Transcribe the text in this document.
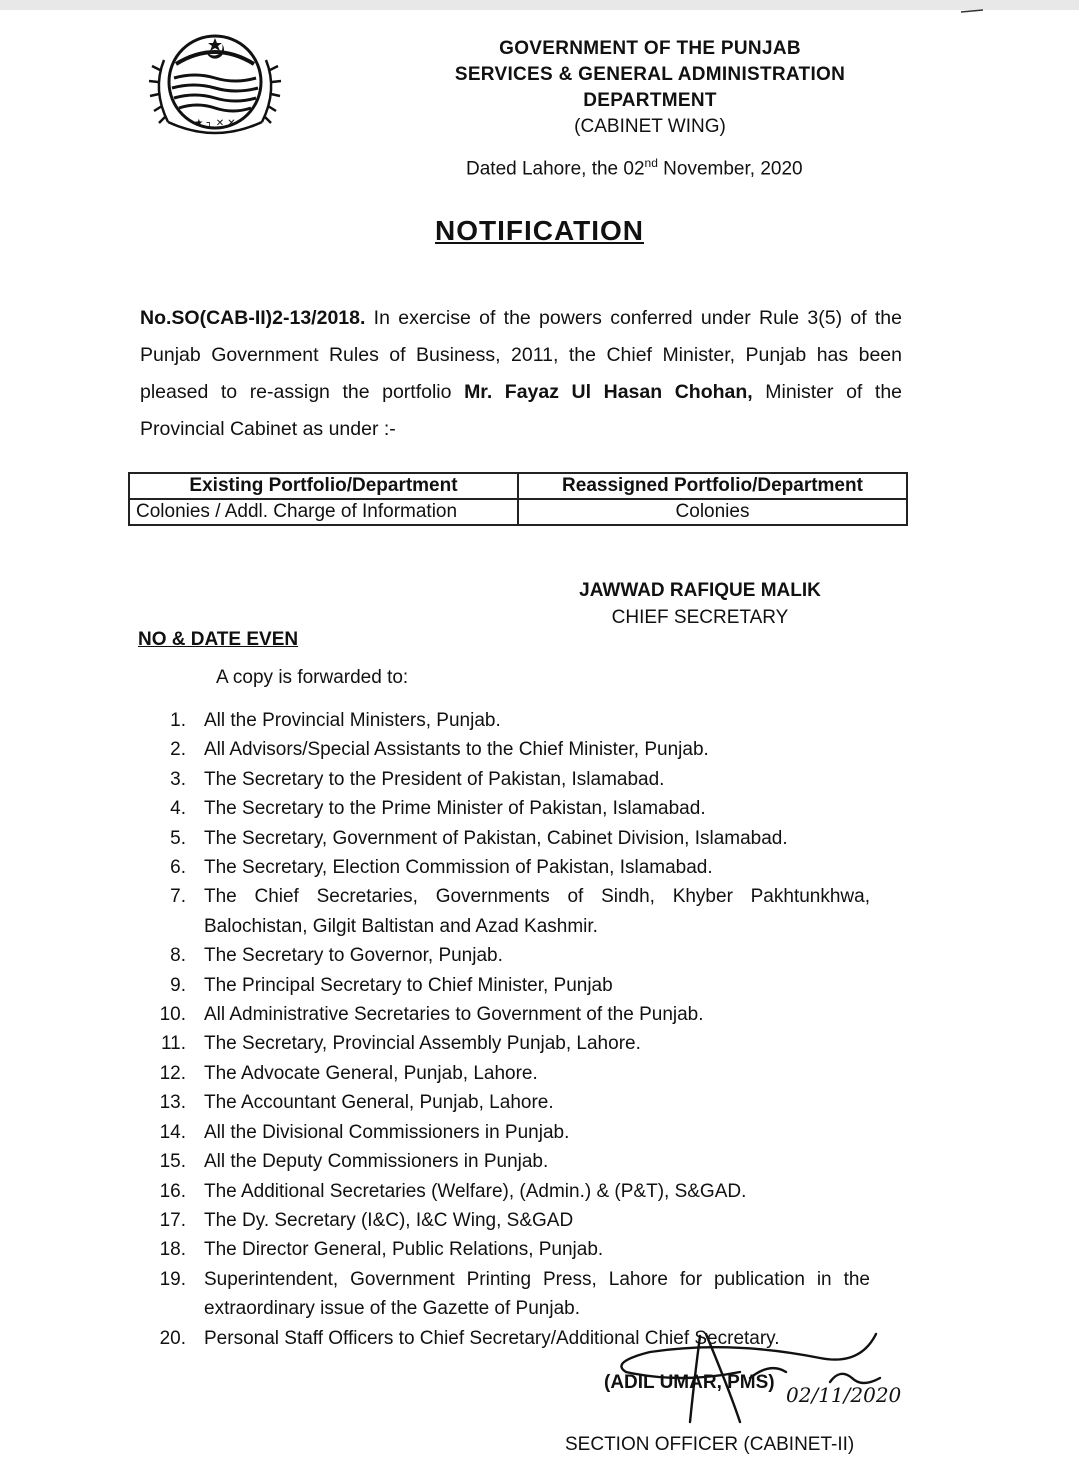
★ ┐ ✕ ✕
GOVERNMENT OF THE PUNJAB
SERVICES & GENERAL ADMINISTRATION
DEPARTMENT
(CABINET WING)
Dated Lahore, the 02nd November, 2020
NOTIFICATION
No.SO(CAB-II)2-13/2018. In exercise of the powers conferred under Rule 3(5) of the Punjab Government Rules of Business, 2011, the Chief Minister, Punjab has been pleased to re-assign the portfolio Mr. Fayaz Ul Hasan Chohan, Minister of the Provincial Cabinet as under :-
Existing Portfolio/Department	Reassigned Portfolio/Department
Colonies / Addl. Charge of Information	Colonies
JAWWAD RAFIQUE MALIK
CHIEF SECRETARY
NO & DATE EVEN
A copy is forwarded to:
1. All the Provincial Ministers, Punjab.
2. All Advisors/Special Assistants to the Chief Minister, Punjab.
3. The Secretary to the President of Pakistan, Islamabad.
4. The Secretary to the Prime Minister of Pakistan, Islamabad.
5. The Secretary, Government of Pakistan, Cabinet Division, Islamabad.
6. The Secretary, Election Commission of Pakistan, Islamabad.
7. The Chief Secretaries, Governments of Sindh, Khyber Pakhtunkhwa, Balochistan, Gilgit Baltistan and Azad Kashmir.
8. The Secretary to Governor, Punjab.
9. The Principal Secretary to Chief Minister, Punjab
10. All Administrative Secretaries to Government of the Punjab.
11. The Secretary, Provincial Assembly Punjab, Lahore.
12. The Advocate General, Punjab, Lahore.
13. The Accountant General, Punjab, Lahore.
14. All the Divisional Commissioners in Punjab.
15. All the Deputy Commissioners in Punjab.
16. The Additional Secretaries (Welfare), (Admin.) & (P&T), S&GAD.
17. The Dy. Secretary (I&C), I&C Wing, S&GAD
18. The Director General, Public Relations, Punjab.
19. Superintendent, Government Printing Press, Lahore for publication in the extraordinary issue of the Gazette of Punjab.
20. Personal Staff Officers to Chief Secretary/Additional Chief Secretary.
02/11/2020
(ADIL UMAR, PMS)
SECTION OFFICER (CABINET-II)
